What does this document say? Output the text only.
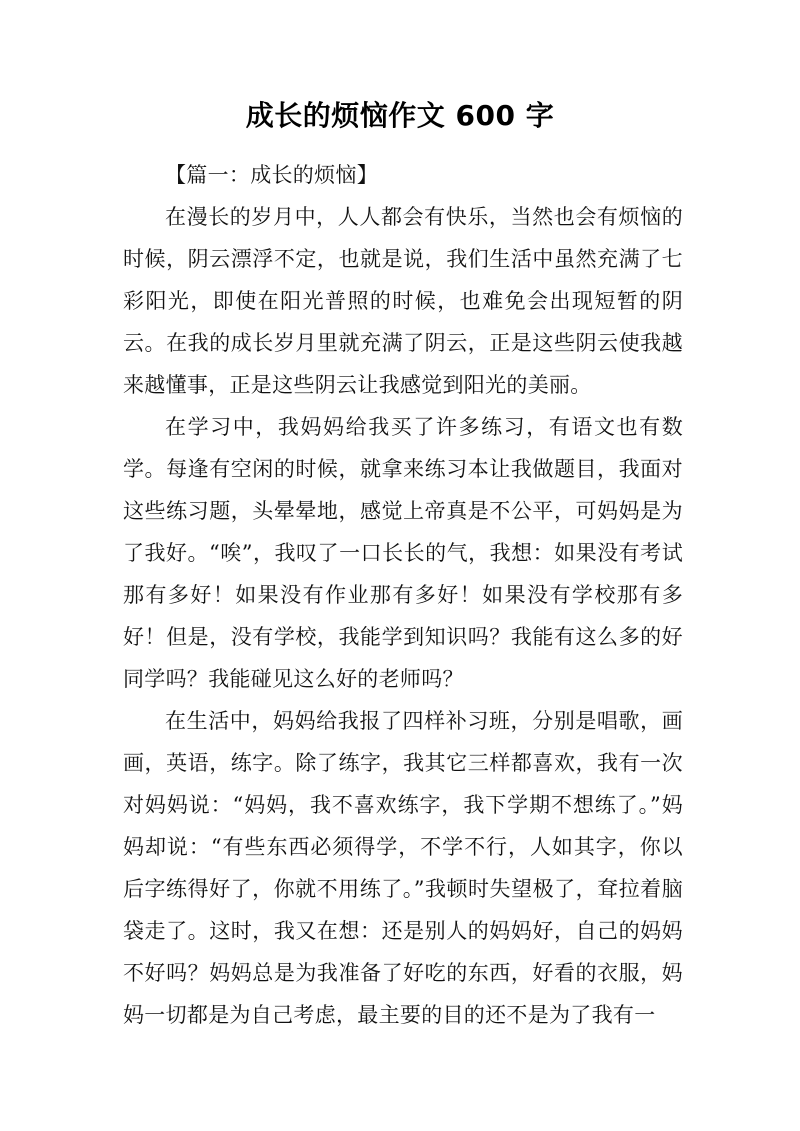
成长的烦恼作文 600 字

【篇一：成长的烦恼】

在漫长的岁月中，人人都会有快乐，当然也会有烦恼的时候，阴云漂浮不定，也就是说，我们生活中虽然充满了七彩阳光，即使在阳光普照的时候，也难免会出现短暂的阴云。在我的成长岁月里就充满了阴云，正是这些阴云使我越来越懂事，正是这些阴云让我感觉到阳光的美丽。

在学习中，我妈妈给我买了许多练习，有语文也有数学。每逢有空闲的时候，就拿来练习本让我做题目，我面对这些练习题，头晕晕地，感觉上帝真是不公平，可妈妈是为了我好。“唉”，我叹了一口长长的气，我想：如果没有考试那有多好！如果没有作业那有多好！如果没有学校那有多好！但是，没有学校，我能学到知识吗？我能有这么多的好同学吗？我能碰见这么好的老师吗？

在生活中，妈妈给我报了四样补习班，分别是唱歌，画画，英语，练字。除了练字，我其它三样都喜欢，我有一次对妈妈说：“妈妈，我不喜欢练字，我下学期不想练了。”妈妈却说：“有些东西必须得学，不学不行，人如其字，你以后字练得好了，你就不用练了。”我顿时失望极了，耷拉着脑袋走了。这时，我又在想：还是别人的妈妈好，自己的妈妈不好吗？妈妈总是为我准备了好吃的东西，好看的衣服，妈妈一切都是为自己考虑，最主要的目的还不是为了我有一
